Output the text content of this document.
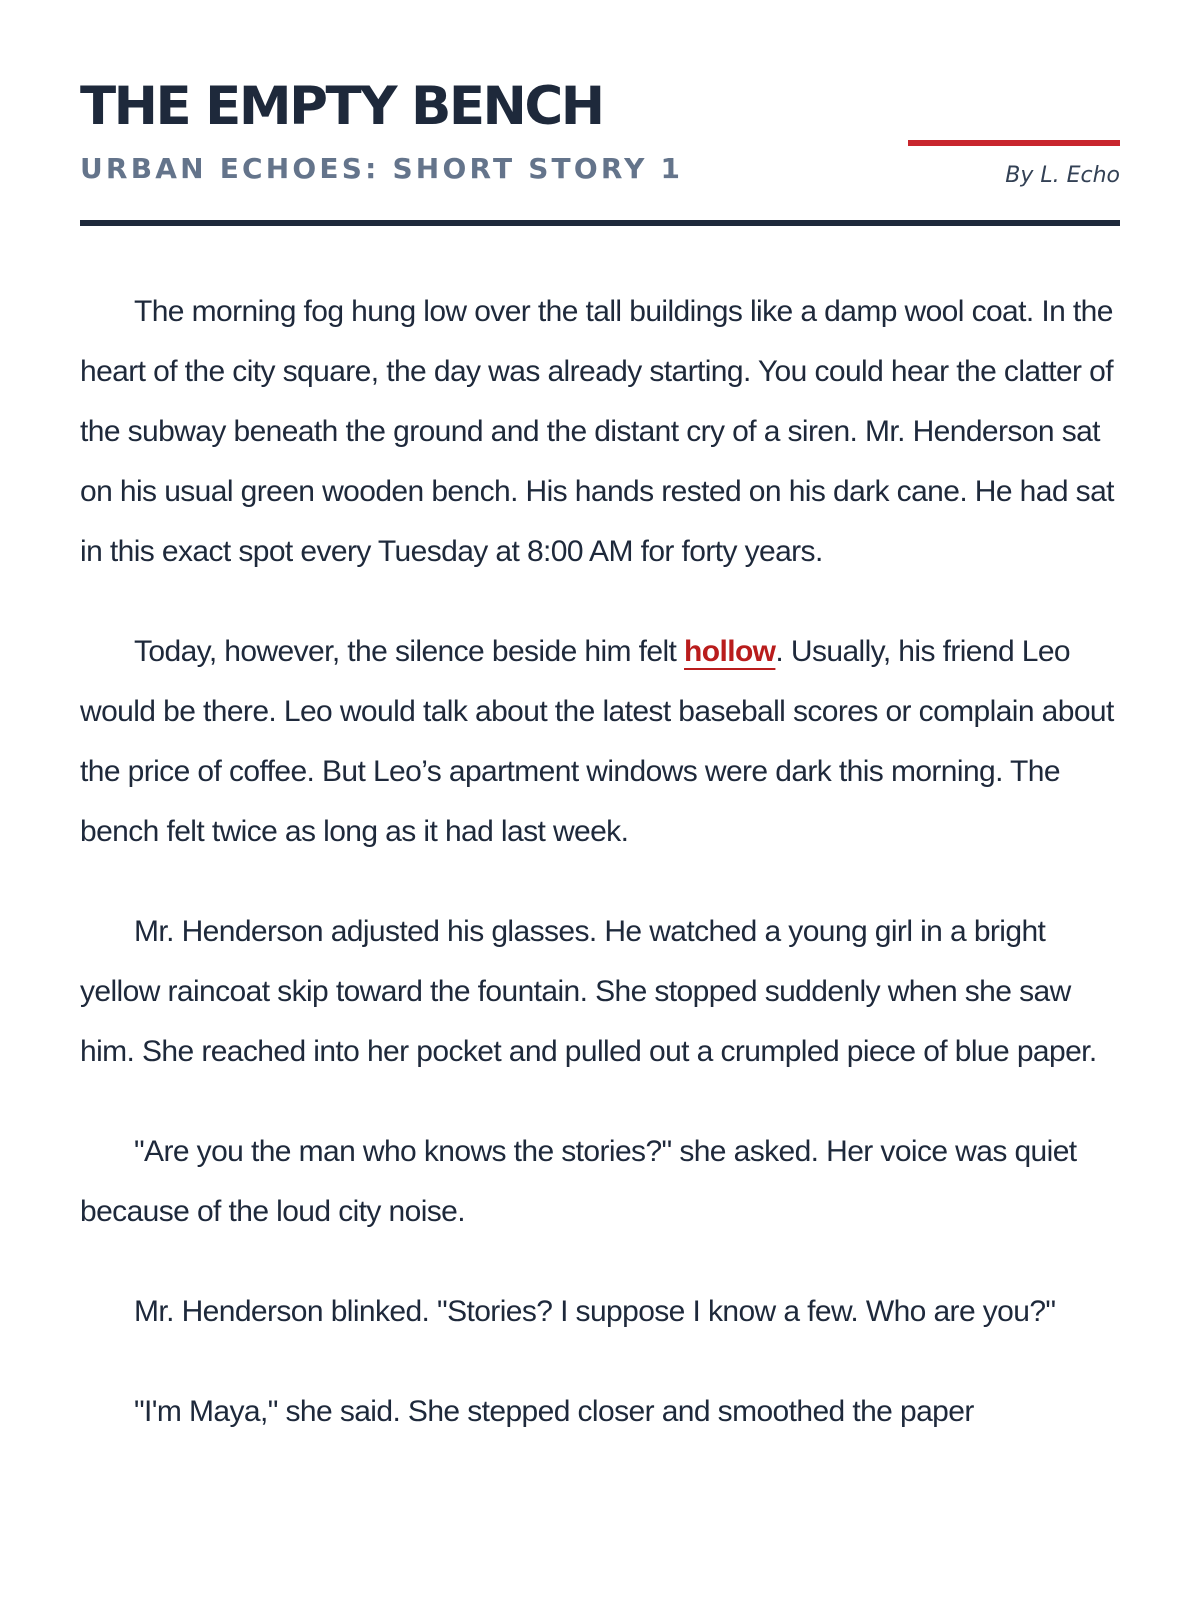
THE EMPTY BENCH
URBAN ECHOES: SHORT STORY 1	By L. Echo

The morning fog hung low over the tall buildings like a damp wool coat. In the heart of the city square, the day was already starting. You could hear the clatter of the subway beneath the ground and the distant cry of a siren. Mr. Henderson sat on his usual green wooden bench. His hands rested on his dark cane. He had sat in this exact spot every Tuesday at 8:00 AM for forty years.

Today, however, the silence beside him felt hollow. Usually, his friend Leo would be there. Leo would talk about the latest baseball scores or complain about the price of coffee. But Leo’s apartment windows were dark this morning. The bench felt twice as long as it had last week.

Mr. Henderson adjusted his glasses. He watched a young girl in a bright yellow raincoat skip toward the fountain. She stopped suddenly when she saw him. She reached into her pocket and pulled out a crumpled piece of blue paper.

"Are you the man who knows the stories?" she asked. Her voice was quiet because of the loud city noise.

Mr. Henderson blinked. "Stories? I suppose I know a few. Who are you?"

"I'm Maya," she said. She stepped closer and smoothed the paper
